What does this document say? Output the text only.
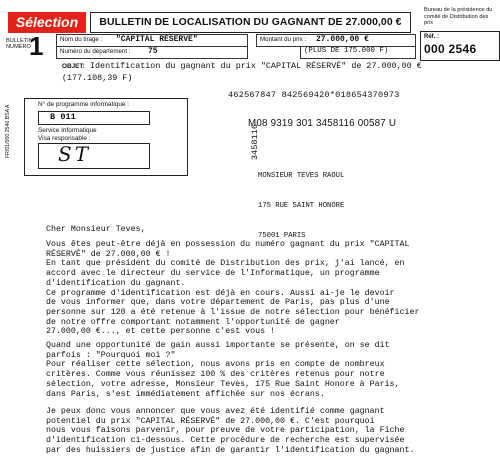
Sélection	BULLETIN DE LOCALISATION DU GAGNANT DE 27.000,00 €
Bureau de la présidence du comité de Distribution des prix
Réf. :
000 2546
BULLETIN NUMÉRO
1	Nom du tirage : "CAPITAL RÉSERVÉ"
Numéro du département : 75
Montant du prix : 27.000,00 €
(PLUS DE 175.000 F)
FR/01/000 2546 BSA A
OBJET: Identification du gagnant du prix "CAPITAL RÉSERVÉ" de 27.000,00 €
(177.108,39 F)
N° de programme informatique :
B 011
Service Informatique
Visa responsable :
ST
462567847 842569420*018654370973
M08 9319 301 3458116 00587 U
3458116

MONSIEUR TEVES RAOUL

175 RUE SAINT HONORE

75001 PARIS

Cher Monsieur Teves,
Vous êtes peut-être déjà en possession du numéro gagnant du prix "CAPITAL
RÉSERVÉ" de 27.000,00 € !
En tant que président du comité de Distribution des prix, j'ai lancé, en
accord avec le directeur du service de l'Informatique, un programme
d'identification du gagnant.
Ce programme d'identification est déjà en cours. Aussi ai-je le devoir
de vous informer que, dans votre département de Paris, pas plus d'une
personne sur 120 a été retenue à l'issue de notre sélection pour bénéficier
de notre offre comportant notamment l'opportunité de gagner
27.000,00 €..., et cette personne c'est vous !
Quand une opportunité de gain aussi importante se présente, on se dit
parfois : "Pourquoi moi ?"
Pour réaliser cette sélection, nous avons pris en compte de nombreux
critères. Comme vous réunissez 100 % des critères retenus pour notre
sélection, votre adresse, Monsieur Teves, 175 Rue Saint Honore à Paris,
dans Paris, s'est immédiatement affichée sur nos écrans.
Je peux donc vous annoncer que vous avez été identifié comme gagnant
potentiel du prix "CAPITAL RÉSERVÉ" de 27.000,00 €. C'est pourquoi
nous vous faisons parvenir, pour preuve de votre participation, la Fiche
d'identification ci-dessous. Cette procédure de recherche est supervisée
par des huissiers de justice afin de garantir l'identification du gagnant.
